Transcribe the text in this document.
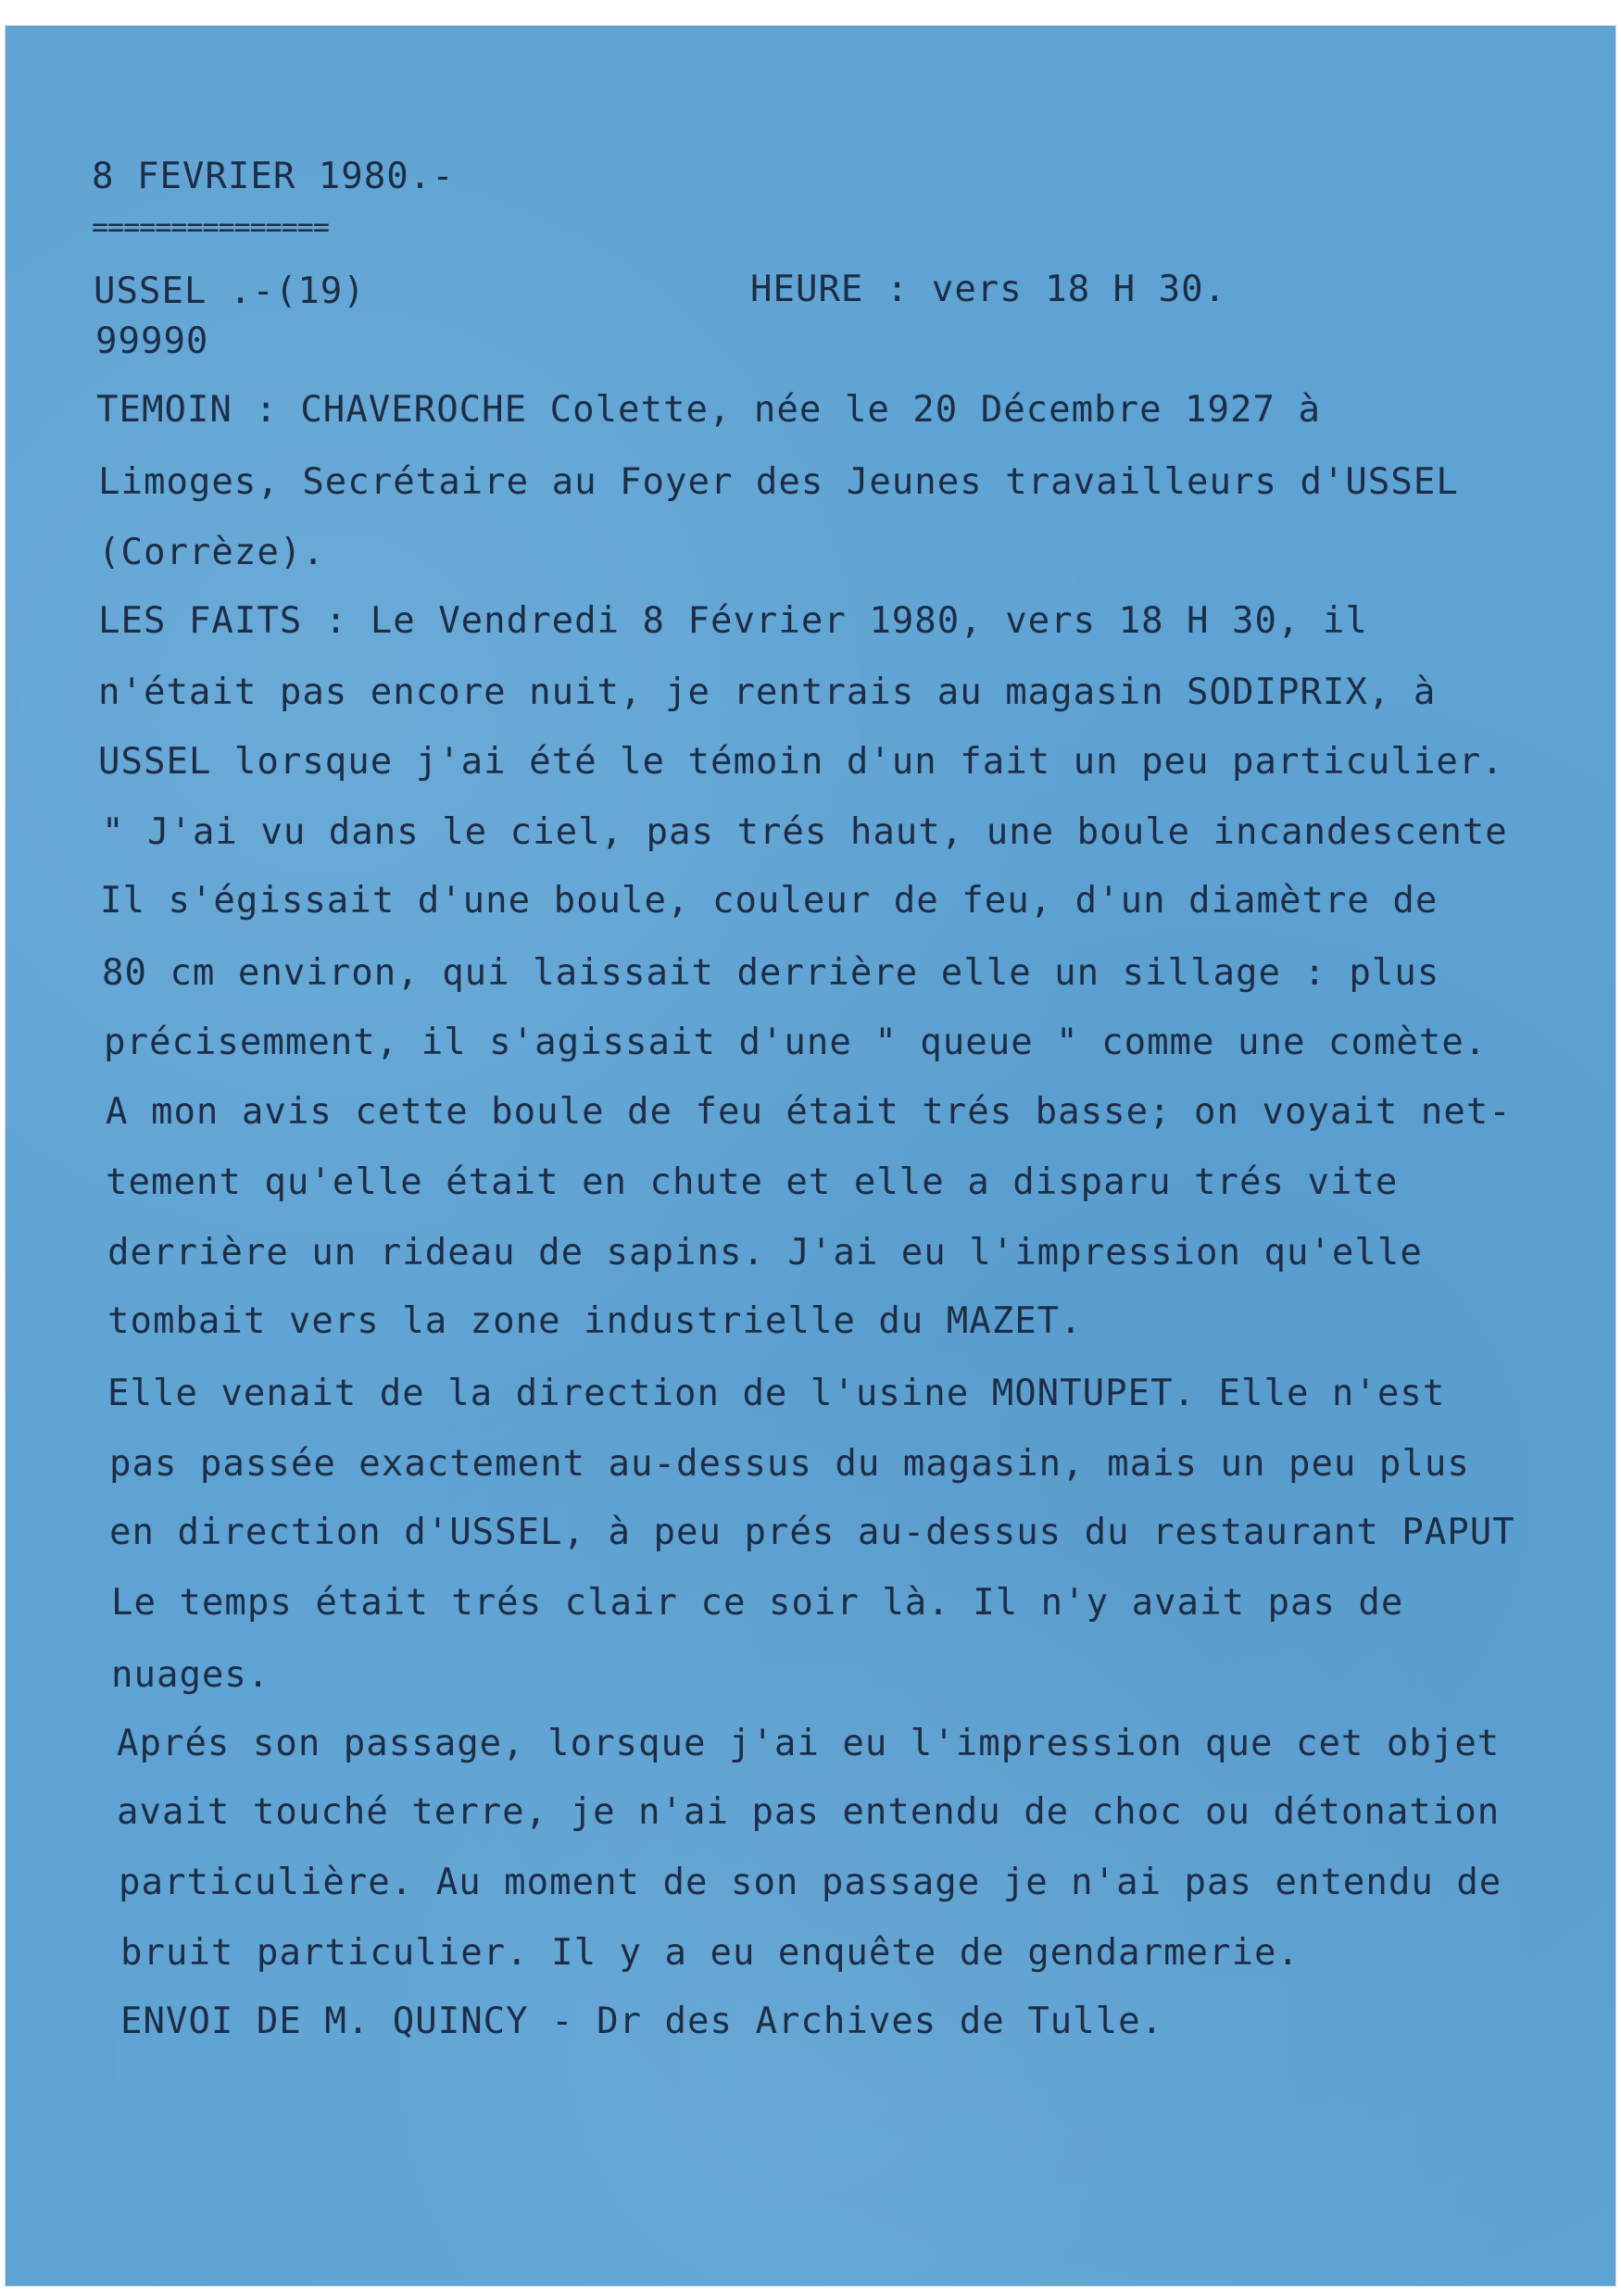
8 FEVRIER 1980.-
===============
USSEL .-(19)	HEURE : vers 18 H 30.
99990
TEMOIN : CHAVEROCHE Colette, née le 20 Décembre 1927 à
Limoges, Secrétaire au Foyer des Jeunes travailleurs d'USSEL
(Corrèze).
LES FAITS : Le Vendredi 8 Février 1980, vers 18 H 30, il
n'était pas encore nuit, je rentrais au magasin SODIPRIX, à
USSEL lorsque j'ai été le témoin d'un fait un peu particulier.
" J'ai vu dans le ciel, pas trés haut, une boule incandescente
Il s'égissait d'une boule, couleur de feu, d'un diamètre de
80 cm environ, qui laissait derrière elle un sillage : plus
précisemment, il s'agissait d'une " queue " comme une comète.
A mon avis cette boule de feu était trés basse; on voyait net-
tement qu'elle était en chute et elle a disparu trés vite
derrière un rideau de sapins. J'ai eu l'impression qu'elle
tombait vers la zone industrielle du MAZET.
Elle venait de la direction de l'usine MONTUPET. Elle n'est
pas passée exactement au-dessus du magasin, mais un peu plus
en direction d'USSEL, à peu prés au-dessus du restaurant PAPUT
Le temps était trés clair ce soir là. Il n'y avait pas de
nuages.
Aprés son passage, lorsque j'ai eu l'impression que cet objet
avait touché terre, je n'ai pas entendu de choc ou détonation
particulière. Au moment de son passage je n'ai pas entendu de
bruit particulier. Il y a eu enquête de gendarmerie.
ENVOI DE M. QUINCY - Dr des Archives de Tulle.
